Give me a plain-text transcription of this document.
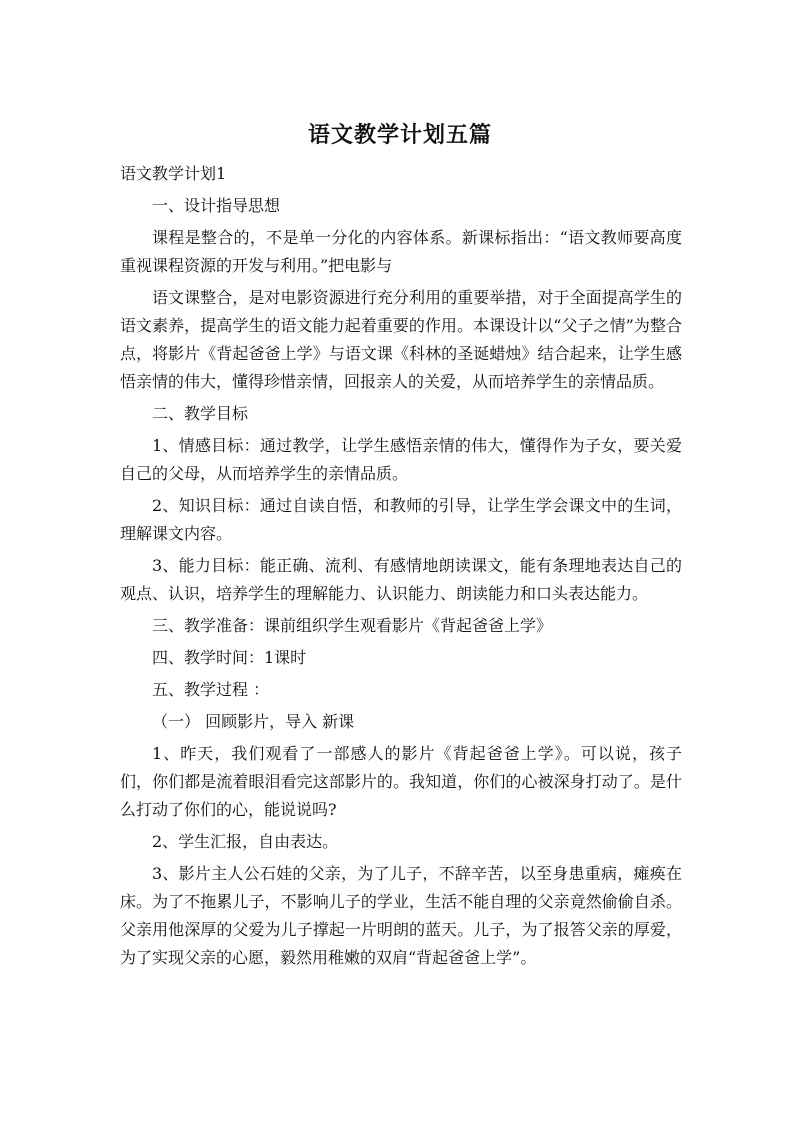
语文教学计划五篇

语文教学计划1

一、设计指导思想

课程是整合的，不是单一分化的内容体系。新课标指出：“语文教师要高度重视课程资源的开发与利用。”把电影与

语文课整合，是对电影资源进行充分利用的重要举措，对于全面提高学生的语文素养，提高学生的语文能力起着重要的作用。本课设计以“父子之情”为整合点，将影片《背起爸爸上学》与语文课《科林的圣诞蜡烛》结合起来，让学生感悟亲情的伟大，懂得珍惜亲情，回报亲人的关爱，从而培养学生的亲情品质。

二、教学目标

1、情感目标：通过教学，让学生感悟亲情的伟大，懂得作为子女，要关爱自己的父母，从而培养学生的亲情品质。

2、知识目标：通过自读自悟，和教师的引导，让学生学会课文中的生词，理解课文内容。

3、能力目标：能正确、流利、有感情地朗读课文，能有条理地表达自己的观点、认识，培养学生的理解能力、认识能力、朗读能力和口头表达能力。

三、教学准备：课前组织学生观看影片《背起爸爸上学》

四、教学时间：1课时

五、教学过程 ：

（一） 回顾影片，导入 新课

1、昨天，我们观看了一部感人的影片《背起爸爸上学》。可以说，孩子们，你们都是流着眼泪看完这部影片的。我知道，你们的心被深身打动了。是什么打动了你们的心，能说说吗?

2、学生汇报，自由表达。

3、影片主人公石娃的父亲，为了儿子，不辞辛苦，以至身患重病，瘫痪在床。为了不拖累儿子，不影响儿子的学业，生活不能自理的父亲竟然偷偷自杀。父亲用他深厚的父爱为儿子撑起一片明朗的蓝天。儿子，为了报答父亲的厚爱，为了实现父亲的心愿，毅然用稚嫩的双肩“背起爸爸上学”。
